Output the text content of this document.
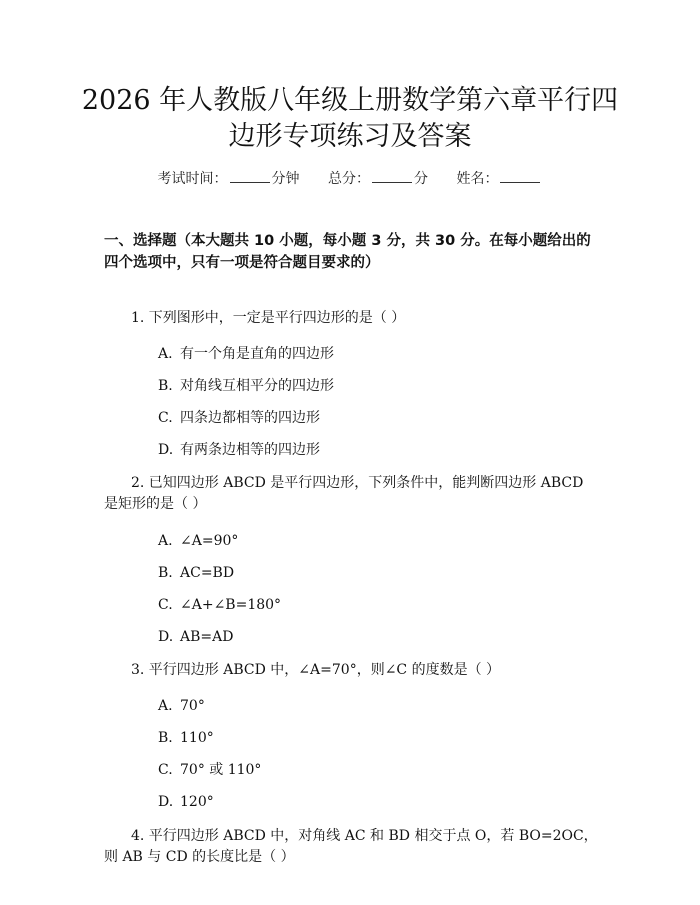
2026 年人教版八年级上册数学第六章平行四
边形专项练习及答案
考试时间：	分钟 总分：	分 姓名：
一、选择题（本大题共 10 小题，每小题 3 分，共 30 分。在每小题给出的四个选项中，只有一项是符合题目要求的）
1. 下列图形中，一定是平行四边形的是（ ）
A. 有一个角是直角的四边形
B. 对角线互相平分的四边形
C. 四条边都相等的四边形
D. 有两条边相等的四边形
2. 已知四边形 ABCD 是平行四边形，下列条件中，能判断四边形 ABCD 是矩形的是（ ）
A. ∠A=90°
B. AC=BD
C. ∠A+∠B=180°
D. AB=AD
3. 平行四边形 ABCD 中，∠A=70°，则∠C 的度数是（ ）
A. 70°
B. 110°
C. 70° 或 110°
D. 120°
4. 平行四边形 ABCD 中，对角线 AC 和 BD 相交于点 O，若 BO=2OC，则 AB 与 CD 的长度比是（ ）
